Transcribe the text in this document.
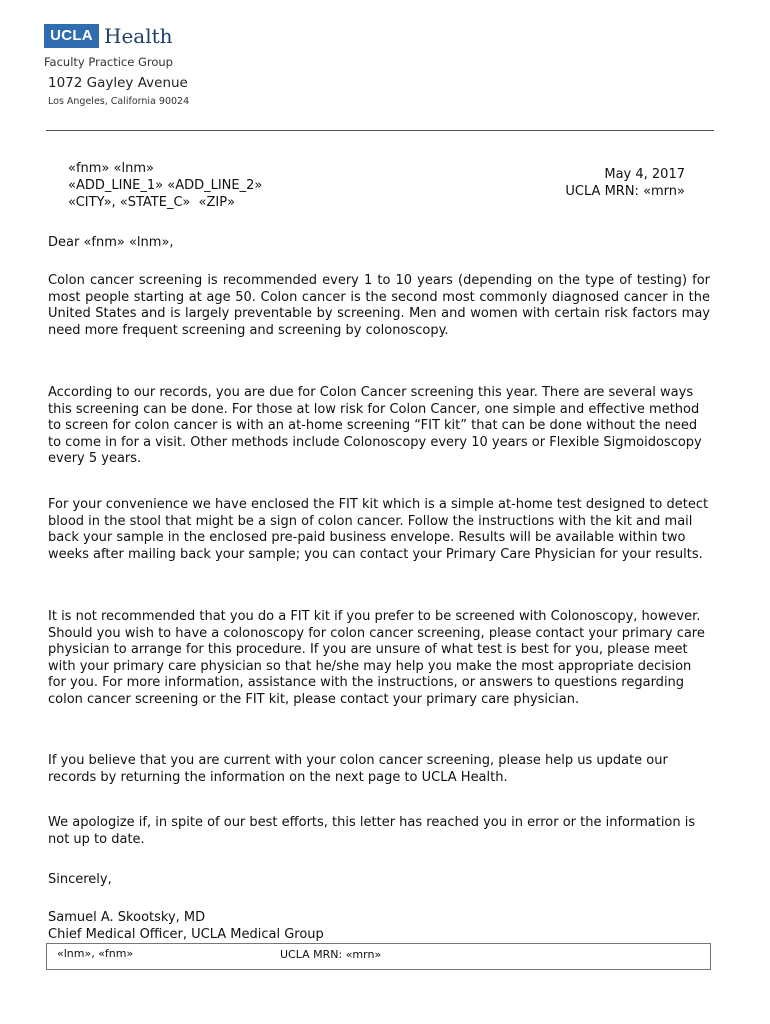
UCLA Health
Faculty Practice Group
1072 Gayley Avenue
Los Angeles, California 90024
«fnm» «lnm»
«ADD_LINE_1» «ADD_LINE_2»
«CITY», «STATE_C»  «ZIP»
May 4, 2017
UCLA MRN: «mrn»
Dear «fnm» «lnm»,
Colon cancer screening is recommended every 1 to 10 years (depending on the type of testing) for most people starting at age 50. Colon cancer is the second most commonly diagnosed cancer in the United States and is largely preventable by screening. Men and women with certain risk factors may need more frequent screening and screening by colonoscopy.
According to our records, you are due for Colon Cancer screening this year. There are several ways this screening can be done. For those at low risk for Colon Cancer, one simple and effective method to screen for colon cancer is with an at-home screening “FIT kit” that can be done without the need to come in for a visit. Other methods include Colonoscopy every 10 years or Flexible Sigmoidoscopy every 5 years.
For your convenience we have enclosed the FIT kit which is a simple at-home test designed to detect blood in the stool that might be a sign of colon cancer. Follow the instructions with the kit and mail back your sample in the enclosed pre-paid business envelope. Results will be available within two weeks after mailing back your sample; you can contact your Primary Care Physician for your results.
It is not recommended that you do a FIT kit if you prefer to be screened with Colonoscopy, however. Should you wish to have a colonoscopy for colon cancer screening, please contact your primary care physician to arrange for this procedure. If you are unsure of what test is best for you, please meet with your primary care physician so that he/she may help you make the most appropriate decision for you. For more information, assistance with the instructions, or answers to questions regarding colon cancer screening or the FIT kit, please contact your primary care physician.
If you believe that you are current with your colon cancer screening, please help us update our records by returning the information on the next page to UCLA Health.
We apologize if, in spite of our best efforts, this letter has reached you in error or the information is not up to date.
Sincerely,
Samuel A. Skootsky, MD
Chief Medical Officer, UCLA Medical Group
«lnm», «fnm»	UCLA MRN: «mrn»
